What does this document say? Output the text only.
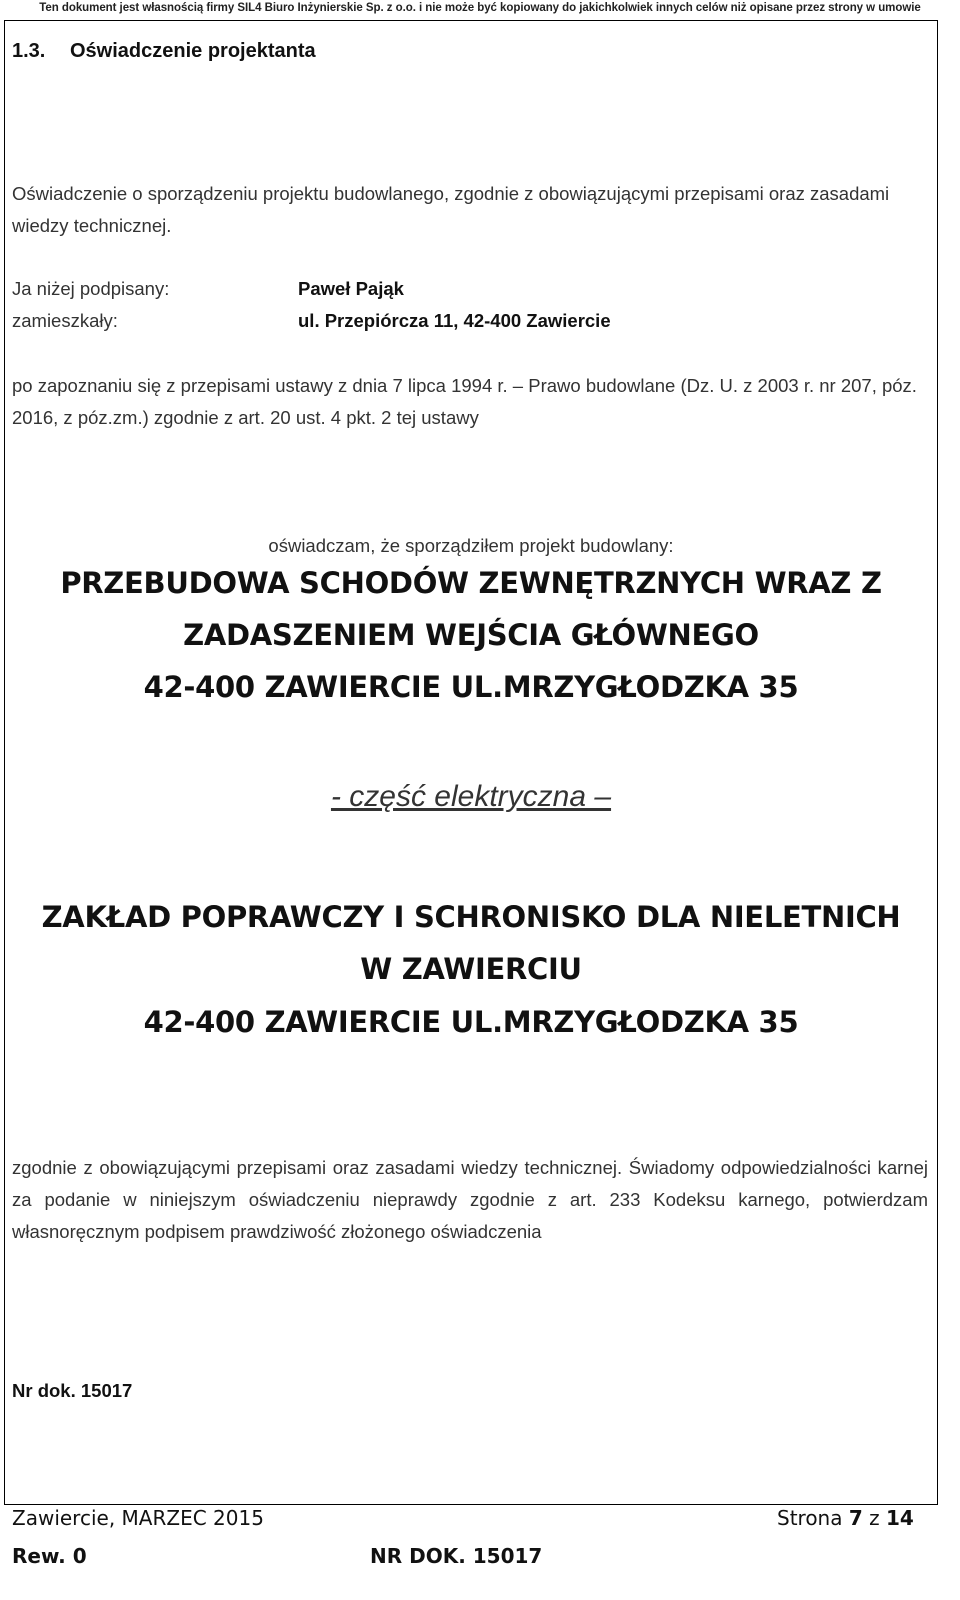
Ten dokument jest własnością firmy SIL4 Biuro Inżynierskie Sp. z o.o. i nie może być kopiowany do jakichkolwiek innych celów niż opisane przez strony w umowie
1.3. Oświadczenie projektanta
Oświadczenie o sporządzeniu projektu budowlanego, zgodnie z obowiązującymi przepisami oraz zasadami wiedzy technicznej.
Ja niżej podpisany:	Paweł Pająk
zamieszkały:	ul. Przepiórcza 11, 42-400 Zawiercie
po zapoznaniu się z przepisami ustawy z dnia 7 lipca 1994 r. – Prawo budowlane (Dz. U. z 2003 r. nr 207, póz. 2016, z póz.zm.) zgodnie z art. 20 ust. 4 pkt. 2 tej ustawy
oświadczam, że sporządziłem projekt budowlany:
PRZEBUDOWA SCHODÓW ZEWNĘTRZNYCH WRAZ Z
ZADASZENIEM WEJŚCIA GŁÓWNEGO
42-400 ZAWIERCIE UL.MRZYGŁODZKA 35
- część elektryczna –
ZAKŁAD POPRAWCZY I SCHRONISKO DLA NIELETNICH
W ZAWIERCIU
42-400 ZAWIERCIE UL.MRZYGŁODZKA 35
zgodnie z obowiązującymi przepisami oraz zasadami wiedzy technicznej. Świadomy odpowiedzialności karnej za podanie w niniejszym oświadczeniu nieprawdy zgodnie z art. 233 Kodeksu karnego, potwierdzam własnoręcznym podpisem prawdziwość złożonego oświadczenia
Nr dok. 15017
Zawiercie, MARZEC 2015	Strona 7 z 14
Rew. 0	NR DOK. 15017
